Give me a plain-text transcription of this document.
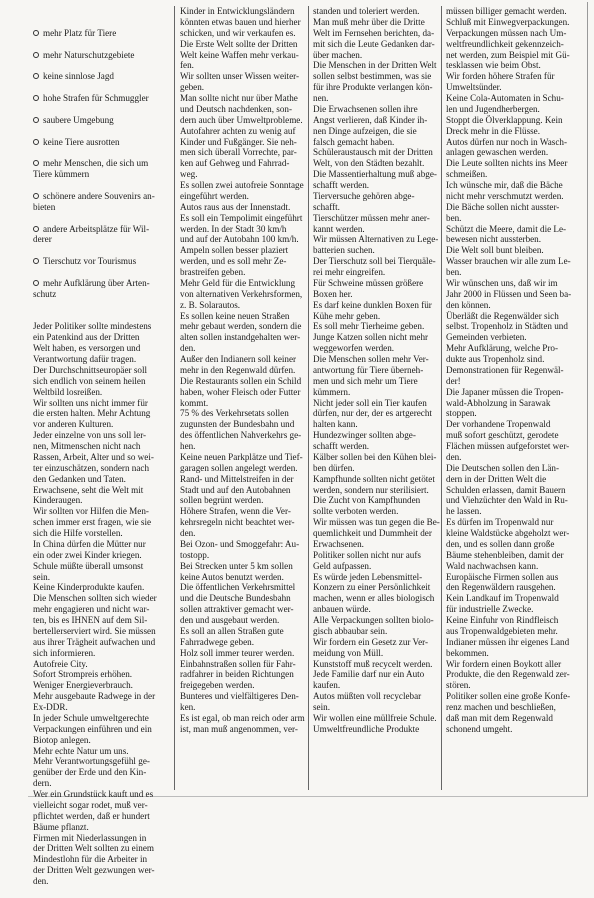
mehr Platz für Tiere

mehr Naturschutzgebiete

keine sinnlose Jagd

hohe Strafen für Schmuggler

saubere Umgebung

keine Tiere ausrotten

mehr Menschen, die sich um
Tiere kümmern

schönere andere Souvenirs an-
bieten

andere Arbeitsplätze für Wil-
derer

Tierschutz vor Tourismus

mehr Aufklärung über Arten-
schutz

Jeder Politiker sollte mindestens
ein Patenkind aus der Dritten
Welt haben, es versorgen und
Verantwortung dafür tragen.
Der Durchschnittseuropäer soll
sich endlich von seinem heilen
Weltbild losreißen.
Wir sollten uns nicht immer für
die ersten halten. Mehr Achtung
vor anderen Kulturen.
Jeder einzelne von uns soll ler-
nen, Mitmenschen nicht nach
Rassen, Arbeit, Alter und so wei-
ter einzuschätzen, sondern nach
den Gedanken und Taten.
Erwachsene, seht die Welt mit
Kinderaugen.
Wir sollten vor Hilfen die Men-
schen immer erst fragen, wie sie
sich die Hilfe vorstellen.
In China dürfen die Mütter nur
ein oder zwei Kinder kriegen.
Schule müßte überall umsonst
sein.
Keine Kinderprodukte kaufen.
Die Menschen sollten sich wieder
mehr engagieren und nicht war-
ten, bis es IHNEN auf dem Sil-
bertellerserviert wird. Sie müssen
aus ihrer Trägheit aufwachen und
sich informieren.
Autofreie City.
Sofort Strompreis erhöhen.
Weniger Energieverbrauch.
Mehr ausgebaute Radwege in der
Ex-DDR.
In jeder Schule umweltgerechte
Verpackungen einführen und ein
Biotop anlegen.
Mehr echte Natur um uns.
Mehr Verantwortungsgefühl ge-
genüber der Erde und den Kin-
dern.
Wer ein Grundstück kauft und es
vielleicht sogar rodet, muß ver-
pflichtet werden, daß er hundert
Bäume pflanzt.
Firmen mit Niederlassungen in
der Dritten Welt sollten zu einem
Mindestlohn für die Arbeiter in
der Dritten Welt gezwungen wer-
den.

Kinder in Entwicklungsländern
könnten etwas bauen und hierher
schicken, und wir verkaufen es.
Die Erste Welt sollte der Dritten
Welt keine Waffen mehr verkau-
fen.
Wir sollten unser Wissen weiter-
geben.
Man sollte nicht nur über Mathe
und Deutsch nachdenken, son-
dern auch über Umweltprobleme.
Autofahrer achten zu wenig auf
Kinder und Fußgänger. Sie neh-
men sich überall Vorrechte, par-
ken auf Gehweg und Fahrrad-
weg.
Es sollen zwei autofreie Sonntage
eingeführt werden.
Autos raus aus der Innenstadt.
Es soll ein Tempolimit eingeführt
werden. In der Stadt 30 km/h
und auf der Autobahn 100 km/h.
Ampeln sollen besser plaziert
werden, und es soll mehr Ze-
brastreifen geben.
Mehr Geld für die Entwicklung
von alternativen Verkehrsformen,
z. B. Solarautos.
Es sollen keine neuen Straßen
mehr gebaut werden, sondern die
alten sollen instandgehalten wer-
den.
Außer den Indianern soll keiner
mehr in den Regenwald dürfen.
Die Restaurants sollen ein Schild
haben, woher Fleisch oder Futter
kommt.
75 % des Verkehrsetats sollen
zugunsten der Bundesbahn und
des öffentlichen Nahverkehrs ge-
hen.
Keine neuen Parkplätze und Tief-
garagen sollen angelegt werden.
Rand- und Mittelstreifen in der
Stadt und auf den Autobahnen
sollen begrünt werden.
Höhere Strafen, wenn die Ver-
kehrsregeln nicht beachtet wer-
den.
Bei Ozon- und Smoggefahr: Au-
tostopp.
Bei Strecken unter 5 km sollen
keine Autos benutzt werden.
Die öffentlichen Verkehrsmittel
und die Deutsche Bundesbahn
sollen attraktiver gemacht wer-
den und ausgebaut werden.
Es soll an allen Straßen gute
Fahrradwege geben.
Holz soll immer teurer werden.
Einbahnstraßen sollen für Fahr-
radfahrer in beiden Richtungen
freigegeben werden.
Bunteres und vielfältigeres Den-
ken.
Es ist egal, ob man reich oder arm
ist, man muß angenommen, ver-
standen und toleriert werden.
Man muß mehr über die Dritte
Welt im Fernsehen berichten, da-
mit sich die Leute Gedanken dar-
über machen.
Die Menschen in der Dritten Welt
sollen selbst bestimmen, was sie
für ihre Produkte verlangen kön-
nen.
Die Erwachsenen sollen ihre
Angst verlieren, daß Kinder ih-
nen Dinge aufzeigen, die sie
falsch gemacht haben.
Schüleraustausch mit der Dritten
Welt, von den Städten bezahlt.
Die Massentierhaltung muß abge-
schafft werden.
Tierversuche gehören abge-
schafft.
Tierschützer müssen mehr aner-
kannt werden.
Wir müssen Alternativen zu Lege-
batterien suchen.
Der Tierschutz soll bei Tierquäle-
rei mehr eingreifen.
Für Schweine müssen größere
Boxen her.
Es darf keine dunklen Boxen für
Kühe mehr geben.
Es soll mehr Tierheime geben.
Junge Katzen sollen nicht mehr
weggeworfen werden.
Die Menschen sollen mehr Ver-
antwortung für Tiere überneh-
men und sich mehr um Tiere
kümmern.
Nicht jeder soll ein Tier kaufen
dürfen, nur der, der es artgerecht
halten kann.
Hundezwinger sollten abge-
schafft werden.
Kälber sollen bei den Kühen blei-
ben dürfen.
Kampfhunde sollten nicht getötet
werden, sondern nur sterilisiert.
Die Zucht von Kampfhunden
sollte verboten werden.
Wir müssen was tun gegen die Be-
quemlichkeit und Dummheit der
Erwachsenen.
Politiker sollen nicht nur aufs
Geld aufpassen.
Es würde jeden Lebensmittel-
Konzern zu einer Persönlichkeit
machen, wenn er alles biologisch
anbauen würde.
Alle Verpackungen sollten biolo-
gisch abbaubar sein.
Wir fordern ein Gesetz zur Ver-
meidung von Müll.
Kunststoff muß recycelt werden.
Jede Familie darf nur ein Auto
kaufen.
Autos müßten voll recyclebar
sein.
Wir wollen eine müllfreie Schule.
Umweltfreundliche Produkte
müssen billiger gemacht werden.
Schluß mit Einwegverpackungen.
Verpackungen müssen nach Um-
weltfreundlichkeit gekennzeich-
net werden, zum Beispiel mit Gü-
tesklassen wie beim Obst.
Wir forden höhere Strafen für
Umweltsünder.
Keine Cola-Automaten in Schu-
len und Jugendherbergen.
Stoppt die Ölverklappung. Kein
Dreck mehr in die Flüsse.
Autos dürfen nur noch in Wasch-
anlagen gewaschen werden.
Die Leute sollten nichts ins Meer
schmeißen.
Ich wünsche mir, daß die Bäche
nicht mehr verschmutzt werden.
Die Bäche sollen nicht ausster-
ben.
Schützt die Meere, damit die Le-
bewesen nicht aussterben.
Die Welt soll bunt bleiben.
Wasser brauchen wir alle zum Le-
ben.
Wir wünschen uns, daß wir im
Jahr 2000 in Flüssen und Seen ba-
den können.
Überläßt die Regenwälder sich
selbst. Tropenholz in Städten und
Gemeinden verbieten.
Mehr Aufklärung, welche Pro-
dukte aus Tropenholz sind.
Demonstrationen für Regenwäl-
der!
Die Japaner müssen die Tropen-
wald-Abholzung in Sarawak
stoppen.
Der vorhandene Tropenwald
muß sofort geschützt, gerodete
Flächen müssen aufgeforstet wer-
den.
Die Deutschen sollen den Län-
dern in der Dritten Welt die
Schulden erlassen, damit Bauern
und Viehzüchter den Wald in Ru-
he lassen.
Es dürfen im Tropenwald nur
kleine Waldstücke abgeholzt wer-
den, und es sollen dann große
Bäume stehenbleiben, damit der
Wald nachwachsen kann.
Europäische Firmen sollen aus
den Regenwäldern rausgehen.
Kein Landkauf im Tropenwald
für industrielle Zwecke.
Keine Einfuhr von Rindfleisch
aus Tropenwaldgebieten mehr.
Indianer müssen ihr eigenes Land
bekommen.
Wir fordern einen Boykott aller
Produkte, die den Regenwald zer-
stören.
Politiker sollen eine große Konfe-
renz machen und beschließen,
daß man mit dem Regenwald
schonend umgeht.
